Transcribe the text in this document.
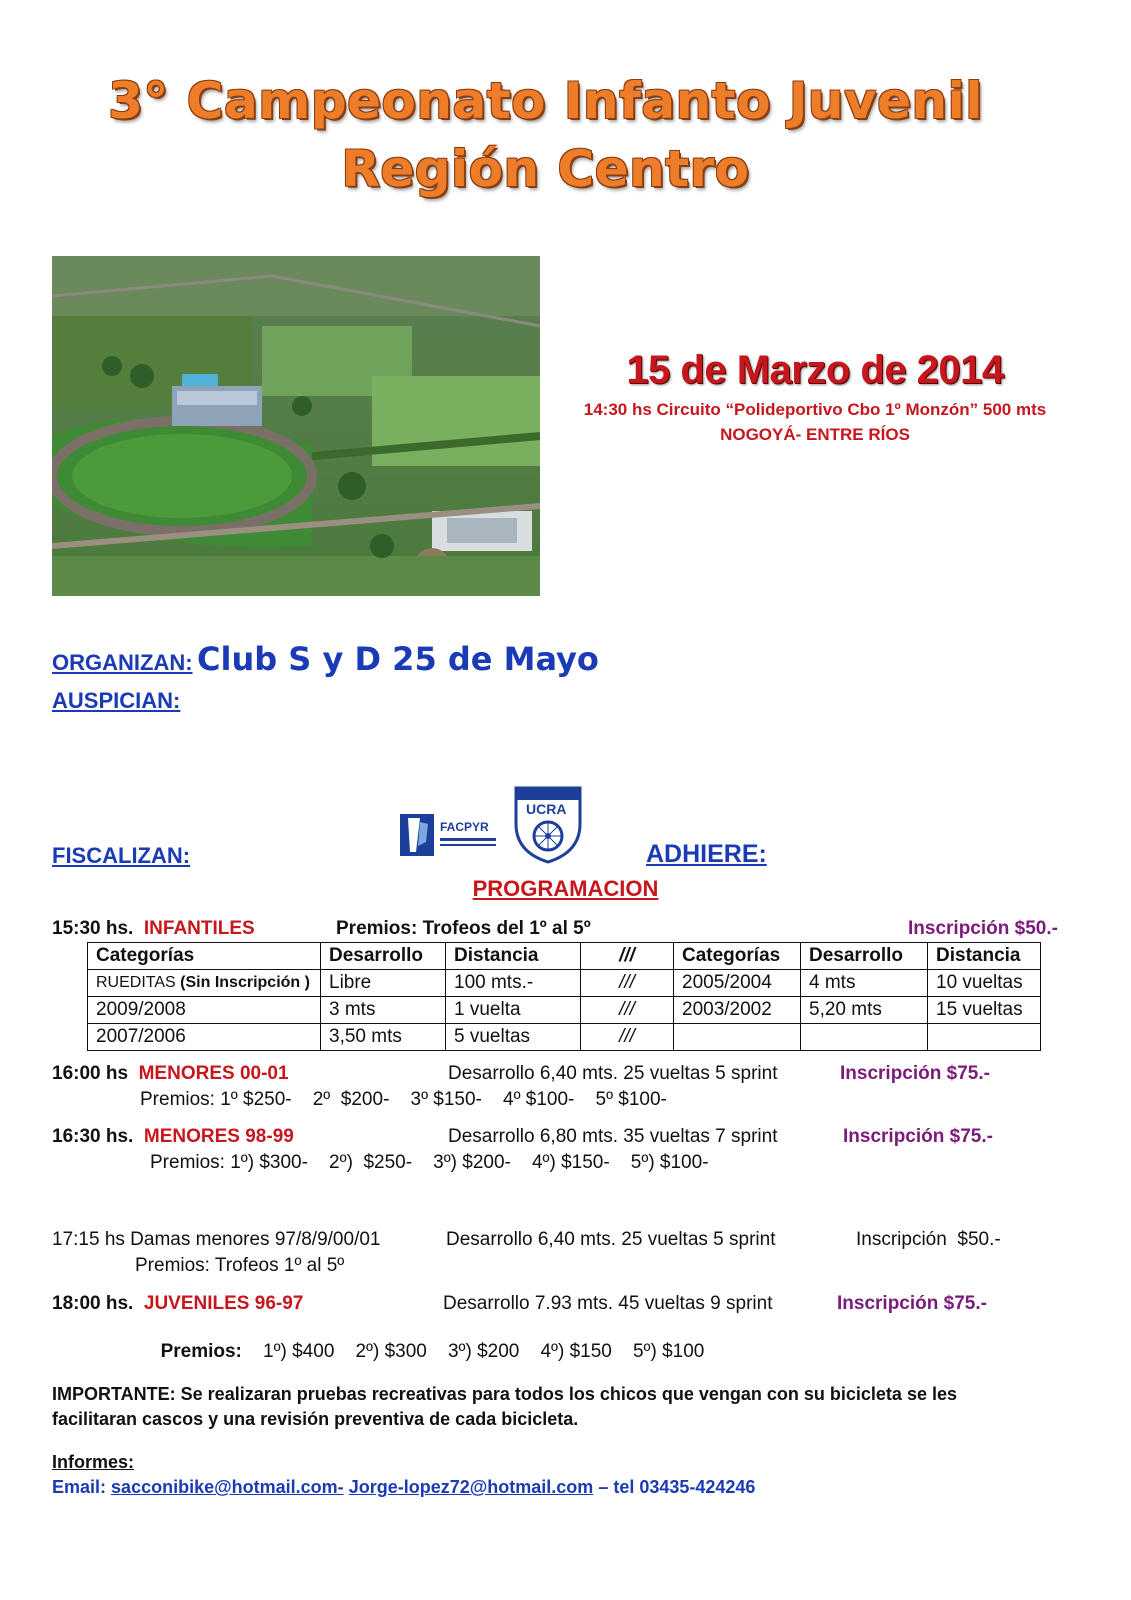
3° Campeonato Infanto Juvenil
Región Centro
15 de Marzo de 2014
14:30 hs Circuito “Polideportivo Cbo 1º Monzón” 500 mts
NOGOYÁ- ENTRE RÍOS
ORGANIZAN: Club S y D 25 de Mayo
AUSPICIAN:
FACPYR
UCRA
FISCALIZAN:	ADHIERE:
PROGRAMACION
15:30 hs. INFANTILES	Premios: Trofeos del 1º al 5º	Inscripción $50.-
Categorías	Desarrollo	Distancia	///	Categorías	Desarrollo	Distancia
RUEDITAS (Sin Inscripción )	Libre	100 mts.-	///	2005/2004	4 mts	10 vueltas
2009/2008	3 mts	1 vuelta	///	2003/2002	5,20 mts	15 vueltas
2007/2006	3,50 mts	5 vueltas	///			
16:00 hs MENORES 00-01	Desarrollo 6,40 mts. 25 vueltas 5 sprint	Inscripción $75.-
Premios: 1º $250-    2º  $200-    3º $150-    4º $100-    5º $100-
16:30 hs. MENORES 98-99	Desarrollo 6,80 mts. 35 vueltas 7 sprint	Inscripción $75.-
Premios: 1º) $300-    2º)  $250-    3º) $200-    4º) $150-    5º) $100-
17:15 hs Damas menores 97/8/9/00/01	Desarrollo 6,40 mts. 25 vueltas 5 sprint	Inscripción  $50.-
Premios: Trofeos 1º al 5º
18:00 hs. JUVENILES 96-97	Desarrollo 7.93 mts. 45 vueltas 9 sprint	Inscripción $75.-

Premios: 1º) $400    2º) $300    3º) $200    4º) $150    5º) $100

IMPORTANTE: Se realizaran pruebas recreativas para todos los chicos que vengan con su bicicleta se les
facilitaran cascos y una revisión preventiva de cada bicicleta.
Informes:
Email: sacconibike@hotmail.com- Jorge-lopez72@hotmail.com – tel 03435-424246
